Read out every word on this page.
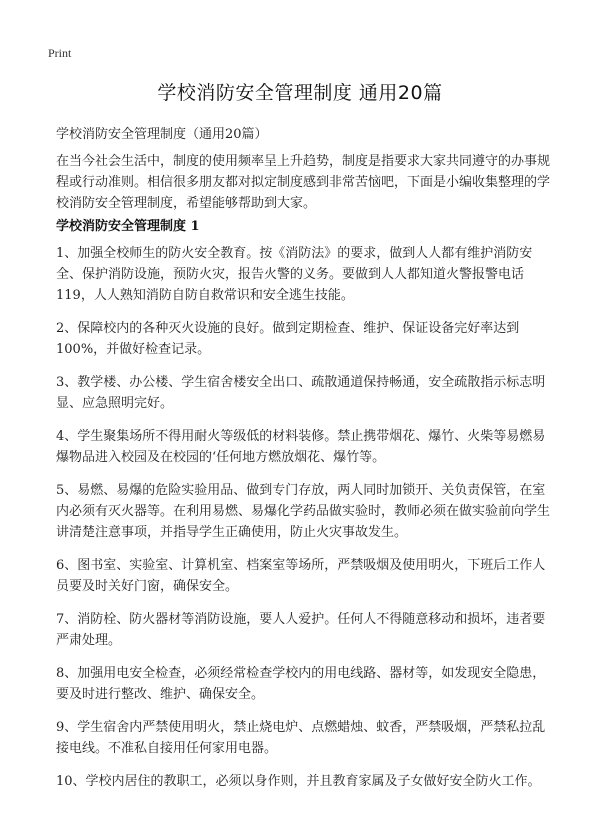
Print
学校消防安全管理制度 通用20篇
学校消防安全管理制度（通用20篇）
在当今社会生活中，制度的使用频率呈上升趋势，制度是指要求大家共同遵守的办事规程或行动准则。相信很多朋友都对拟定制度感到非常苦恼吧，下面是小编收集整理的学校消防安全管理制度，希望能够帮助到大家。
学校消防安全管理制度 1

1、加强全校师生的防火安全教育。按《消防法》的要求，做到人人都有维护消防安全、保护消防设施，预防火灾，报告火警的义务。要做到人人都知道火警报警电话119，人人熟知消防自防自救常识和安全逃生技能。

2、保障校内的各种灭火设施的良好。做到定期检查、维护、保证设备完好率达到100%，并做好检查记录。

3、教学楼、办公楼、学生宿舍楼安全出口、疏散通道保持畅通，安全疏散指示标志明显、应急照明完好。

4、学生聚集场所不得用耐火等级低的材料装修。禁止携带烟花、爆竹、火柴等易燃易爆物品进入校园及在校园的‘任何地方燃放烟花、爆竹等。

5、易燃、易爆的危险实验用品、做到专门存放，两人同时加锁开、关负责保管，在室内必须有灭火器等。在利用易燃、易爆化学药品做实验时，教师必须在做实验前向学生讲清楚注意事项，并指导学生正确使用，防止火灾事故发生。

6、图书室、实验室、计算机室、档案室等场所，严禁吸烟及使用明火，下班后工作人员要及时关好门窗，确保安全。

7、消防栓、防火器材等消防设施，要人人爱护。任何人不得随意移动和损坏，违者要严肃处理。

8、加强用电安全检查，必须经常检查学校内的用电线路、器材等，如发现安全隐患，要及时进行整改、维护、确保安全。

9、学生宿舍内严禁使用明火，禁止烧电炉、点燃蜡烛、蚊香，严禁吸烟，严禁私拉乱接电线。不准私自接用任何家用电器。

10、学校内居住的教职工，必须以身作则，并且教育家属及子女做好安全防火工作。
